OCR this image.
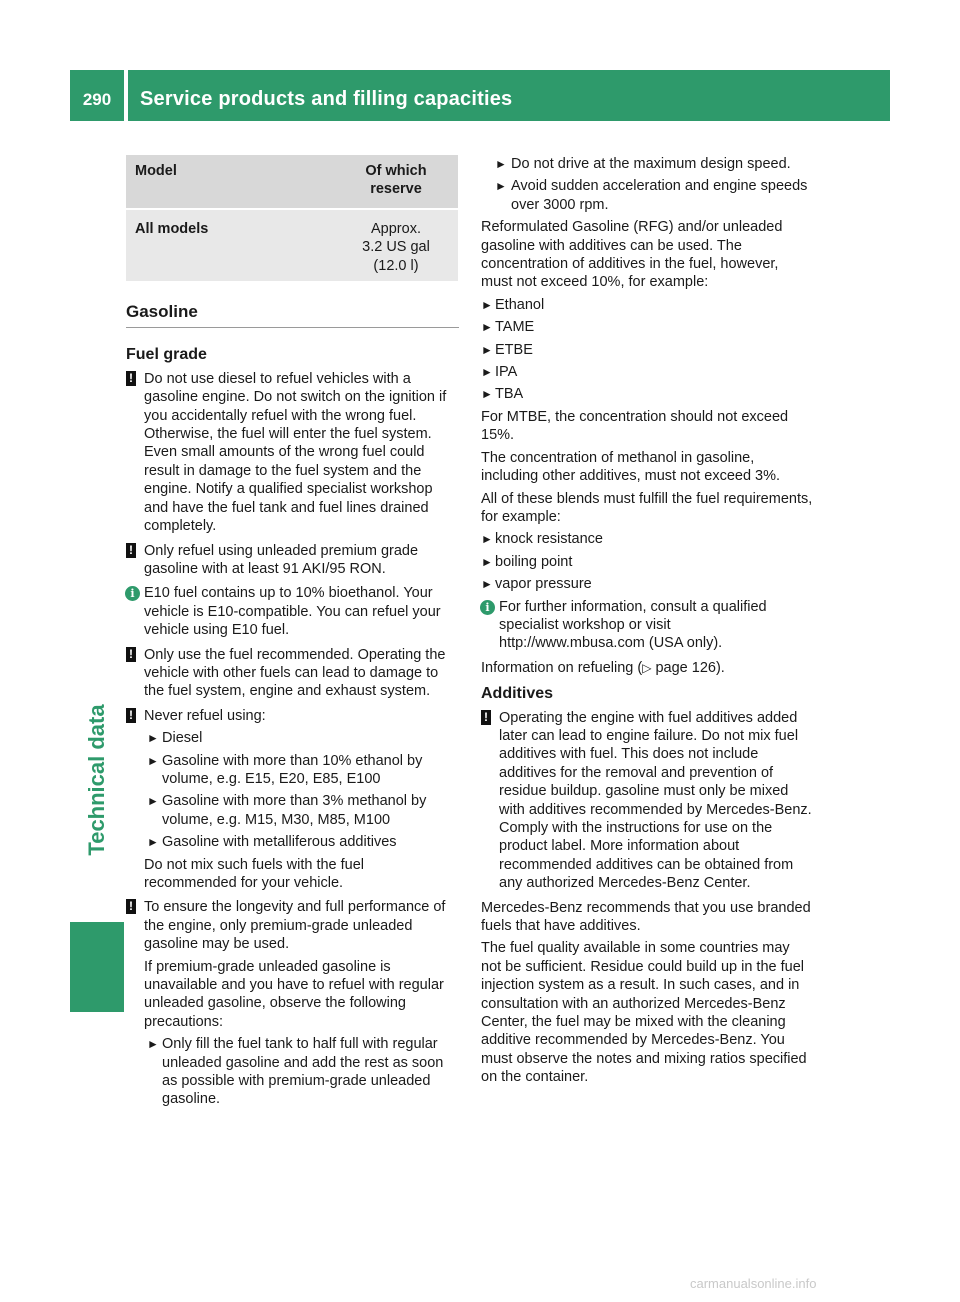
290	Service products and filling capacities
Technical data
Model	Of which reserve
All models	Approx.
3.2 US gal
(12.0 l)
Gasoline
Fuel grade
! Do not use diesel to refuel vehicles with a gasoline engine. Do not switch on the ignition if you accidentally refuel with the wrong fuel. Otherwise, the fuel will enter the fuel system. Even small amounts of the wrong fuel could result in damage to the fuel system and the engine. Notify a qualified specialist workshop and have the fuel tank and fuel lines drained completely.

! Only refuel using unleaded premium grade gasoline with at least 91 AKI/95 RON.

i E10 fuel contains up to 10% bioethanol. Your vehicle is E10-compatible. You can refuel your vehicle using E10 fuel.

! Only use the fuel recommended. Operating the vehicle with other fuels can lead to damage to the fuel system, engine and exhaust system.

! Never refuel using:

► Diesel
► Gasoline with more than 10% ethanol by volume, e.g. E15, E20, E85, E100
► Gasoline with more than 3% methanol by volume, e.g. M15, M30, M85, M100
► Gasoline with metalliferous additives

Do not mix such fuels with the fuel recommended for your vehicle.

! To ensure the longevity and full performance of the engine, only premium-grade unleaded gasoline may be used.

If premium-grade unleaded gasoline is unavailable and you have to refuel with regular unleaded gasoline, observe the following precautions:

► Only fill the fuel tank to half full with regular unleaded gasoline and add the rest as soon as possible with premium-grade unleaded gasoline.
► Do not drive at the maximum design speed.
► Avoid sudden acceleration and engine speeds over 3000 rpm.

Reformulated Gasoline (RFG) and/or unleaded gasoline with additives can be used. The concentration of additives in the fuel, however, must not exceed 10%, for example:

► Ethanol
► TAME
► ETBE
► IPA
► TBA

For MTBE, the concentration should not exceed 15%.

The concentration of methanol in gasoline, including other additives, must not exceed 3%.

All of these blends must fulfill the fuel requirements, for example:

► knock resistance
► boiling point
► vapor pressure
i For further information, consult a qualified specialist workshop or visit http://www.mbusa.com (USA only).

Information on refueling (▷ page 126).

Additives
! Operating the engine with fuel additives added later can lead to engine failure. Do not mix fuel additives with fuel. This does not include additives for the removal and prevention of residue buildup. gasoline must only be mixed with additives recommended by Mercedes-Benz. Comply with the instructions for use on the product label. More information about recommended additives can be obtained from any authorized Mercedes-Benz Center.

Mercedes-Benz recommends that you use branded fuels that have additives.

The fuel quality available in some countries may not be sufficient. Residue could build up in the fuel injection system as a result. In such cases, and in consultation with an authorized Mercedes-Benz Center, the fuel may be mixed with the cleaning additive recommended by Mercedes-Benz. You must observe the notes and mixing ratios specified on the container.

carmanualsonline.info
